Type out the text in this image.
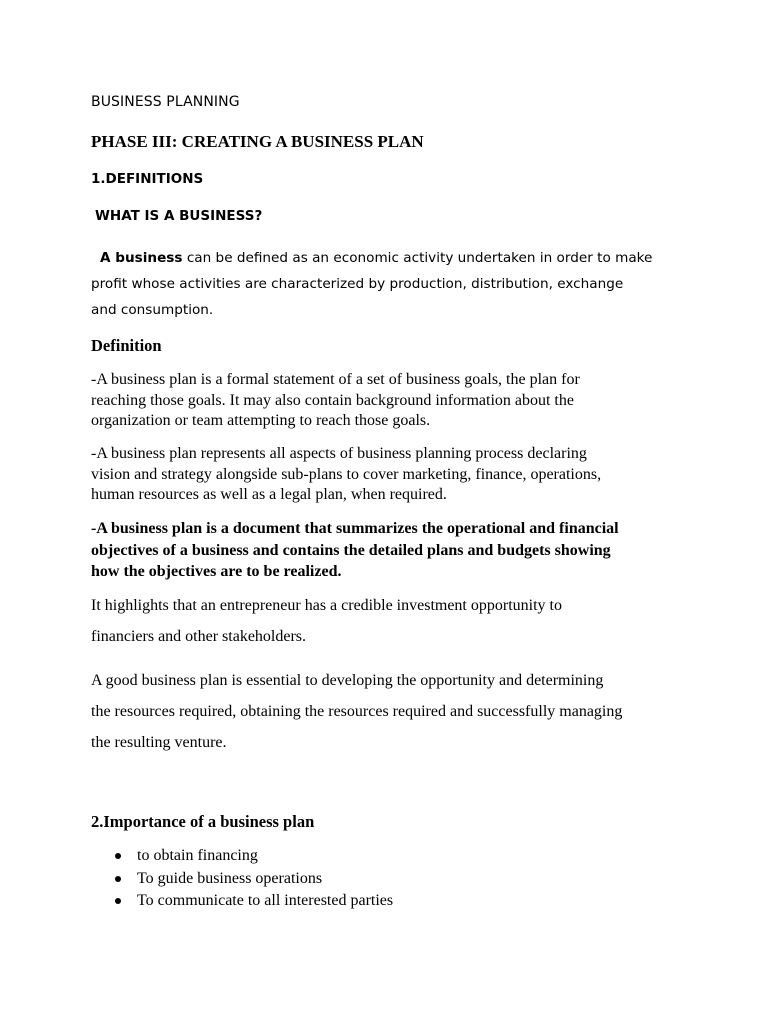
BUSINESS PLANNING

PHASE III: CREATING A BUSINESS PLAN

1.DEFINITIONS

WHAT IS A BUSINESS?

A business can be defined as an economic activity undertaken in order to make
profit whose activities are characterized by production, distribution, exchange
and consumption.

Definition

-A business plan is a formal statement of a set of business goals, the plan for
reaching those goals. It may also contain background information about the
organization or team attempting to reach those goals.

-A business plan represents all aspects of business planning process declaring
vision and strategy alongside sub-plans to cover marketing, finance, operations,
human resources as well as a legal plan, when required.

-A business plan is a document that summarizes the operational and financial
objectives of a business and contains the detailed plans and budgets showing
how the objectives are to be realized.

It highlights that an entrepreneur has a credible investment opportunity to
financiers and other stakeholders.

A good business plan is essential to developing the opportunity and determining
the resources required, obtaining the resources required and successfully managing
the resulting venture.

2.Importance of a business plan

to obtain financing
To guide business operations
To communicate to all interested parties
